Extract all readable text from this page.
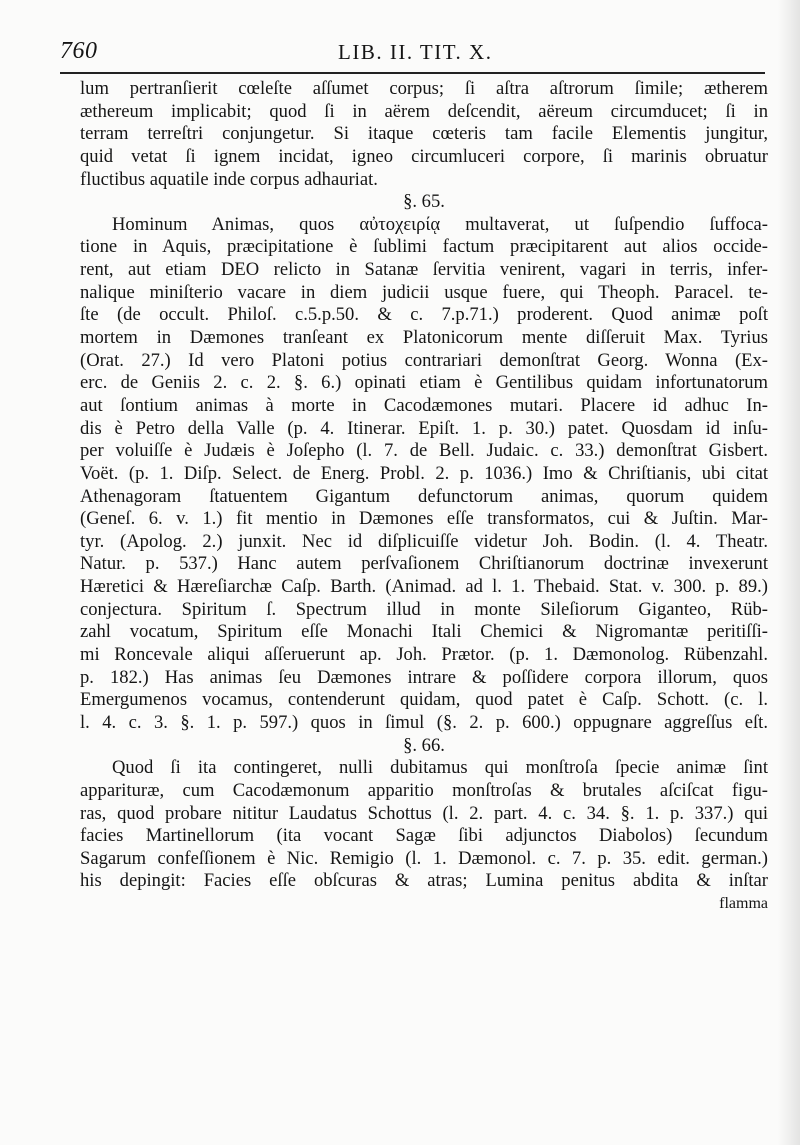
760	LIB. II. TIT. X.
lum pertranſierit cœleſte aſſumet corpus; ſi aſtra aſtrorum ſimile; ætherem
æthereum implicabit; quod ſi in aërem deſcendit, aëreum circumducet; ſi in
terram terreſtri conjungetur. Si itaque cœteris tam facile Elementis jungitur,
quid vetat ſi ignem incidat, igneo circumluceri corpore, ſi marinis obruatur
fluctibus aquatile inde corpus adhauriat.
§. 65.
Hominum Animas, quos αὐτοχειρίᾳ multaverat, ut ſuſpendio ſuffoca-
tione in Aquis, præcipitatione è ſublimi factum præcipitarent aut alios occide-
rent, aut etiam DEO relicto in Satanæ ſervitia venirent, vagari in terris, infer-
nalique miniſterio vacare in diem judicii usque fuere, qui Theoph. Paracel. te-
ſte (de occult. Philoſ. c.5.p.50. & c. 7.p.71.) proderent. Quod animæ poſt
mortem in Dæmones tranſeant ex Platonicorum mente diſſeruit Max. Tyrius
(Orat. 27.) Id vero Platoni potius contrariari demonſtrat Georg. Wonna (Ex-
erc. de Geniis 2. c. 2. §. 6.) opinati etiam è Gentilibus quidam infortunatorum
aut ſontium animas à morte in Cacodæmones mutari. Placere id adhuc In-
dis è Petro della Valle (p. 4. Itinerar. Epiſt. 1. p. 30.) patet. Quosdam id inſu-
per voluiſſe è Judæis è Joſepho (l. 7. de Bell. Judaic. c. 33.) demonſtrat Gisbert.
Voët. (p. 1. Diſp. Select. de Energ. Probl. 2. p. 1036.) Imo & Chriſtianis, ubi citat
Athenagoram ſtatuentem Gigantum defunctorum animas, quorum quidem
(Geneſ. 6. v. 1.) fit mentio in Dæmones eſſe transformatos, cui & Juſtin. Mar-
tyr. (Apolog. 2.) junxit. Nec id diſplicuiſſe videtur Joh. Bodin. (l. 4. Theatr.
Natur. p. 537.) Hanc autem perſvaſionem Chriſtianorum doctrinæ invexerunt
Hæretici & Hæreſiarchæ Caſp. Barth. (Animad. ad l. 1. Thebaid. Stat. v. 300. p. 89.)
conjectura. Spiritum ſ. Spectrum illud in monte Sileſiorum Giganteo, Rüb-
zahl vocatum, Spiritum eſſe Monachi Itali Chemici & Nigromantæ peritiſſi-
mi Roncevale aliqui aſſeruerunt ap. Joh. Prætor. (p. 1. Dæmonolog. Rübenzahl.
p. 182.) Has animas ſeu Dæmones intrare & poſſidere corpora illorum, quos
Emergumenos vocamus, contenderunt quidam, quod patet è Caſp. Schott. (c. l.
l. 4. c. 3. §. 1. p. 597.) quos in ſimul (§. 2. p. 600.) oppugnare aggreſſus eſt.
§. 66.
Quod ſi ita contingeret, nulli dubitamus qui monſtroſa ſpecie animæ ſint
apparituræ, cum Cacodæmonum apparitio monſtroſas & brutales aſciſcat figu-
ras, quod probare nititur Laudatus Schottus (l. 2. part. 4. c. 34. §. 1. p. 337.) qui
facies Martinellorum (ita vocant Sagæ ſibi adjunctos Diabolos) ſecundum
Sagarum confeſſionem è Nic. Remigio (l. 1. Dæmonol. c. 7. p. 35. edit. german.)
his depingit: Facies eſſe obſcuras & atras; Lumina penitus abdita & inſtar
flamma
